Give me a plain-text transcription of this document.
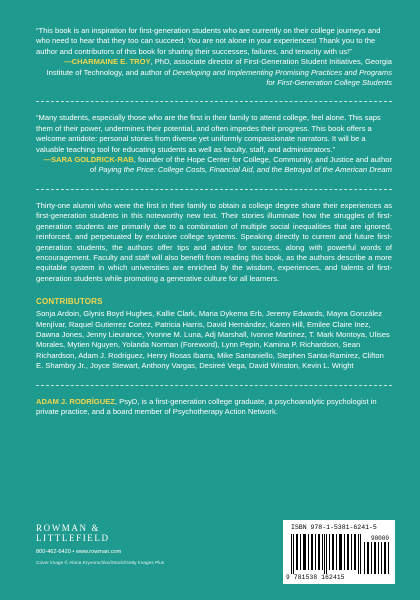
“This book is an inspiration for first-generation students who are currently on their college journeys and who need to hear that they too can succeed. You are not alone in your experiences! Thank you to the author and contributors of this book for sharing their successes, failures, and tenacity with us!”

—CHARMAINE E. TROY, PhD, associate director of First-Generation Student Initiatives, Georgia Institute of Technology, and author of Developing and Implementing Promising Practices and Programs for First-Generation College Students

“Many students, especially those who are the first in their family to attend college, feel alone. This saps them of their power, undermines their potential, and often impedes their progress. This book offers a welcome antidote: personal stories from diverse yet uniformly compassionate narrators. It will be a valuable teaching tool for educating students as well as faculty, staff, and administrators.”

—SARA GOLDRICK-RAB, founder of the Hope Center for College, Community, and Justice and author of Paying the Price: College Costs, Financial Aid, and the Betrayal of the American Dream

Thirty-one alumni who were the first in their family to obtain a college degree share their experiences as first-generation students in this noteworthy new text. Their stories illuminate how the struggles of first-generation students are primarily due to a combination of multiple social inequalities that are ignored, reinforced, and perpetuated by exclusive college systems. Speaking directly to current and future first-generation students, the authors offer tips and advice for success, along with powerful words of encouragement. Faculty and staff will also benefit from reading this book, as the authors describe a more equitable system in which universities are enriched by the wisdom, experiences, and talents of first-generation students while promoting a generative culture for all learners.

CONTRIBUTORS

Sonja Ardoin, Glynis Boyd Hughes, Kallie Clark, Maria Dykema Erb, Jeremy Edwards, Mayra González Menjívar, Raquel Gutierrez Cortez, Patricia Harris, David Hernández, Karen Hill, Emilee Claire Inez, Dawna Jones, Jenny Lieurance, Yvonne M. Luna, Adj Marshall, Ivonne Martinez, T. Mark Montoya, Ulises Morales, Mytien Nguyen, Yolanda Norman (Foreword), Lynn Pepin, Kamina P. Richardson, Sean Richardson, Adam J. Rodriguez, Henry Rosas Ibarra, Mike Santaniello, Stephen Santa-Ramirez, Clifton E. Shambry Jr., Joyce Stewart, Anthony Vargas, Desireé Vega, David Winston, Kevin L. Wright

ADAM J. RODRÍGUEZ, PsyD, is a first-generation college graduate, a psychoanalytic psychologist in private practice, and a board member of Psychotherapy Action Network.

ROWMAN &
LITTLEFIELD
800-462-6420 • www.rowman.com
Cover image © Alona Kryvoruchko/iStock/Getty Images Plus
ISBN 978-1-5381-6241-5
90000
9 781538 162415
